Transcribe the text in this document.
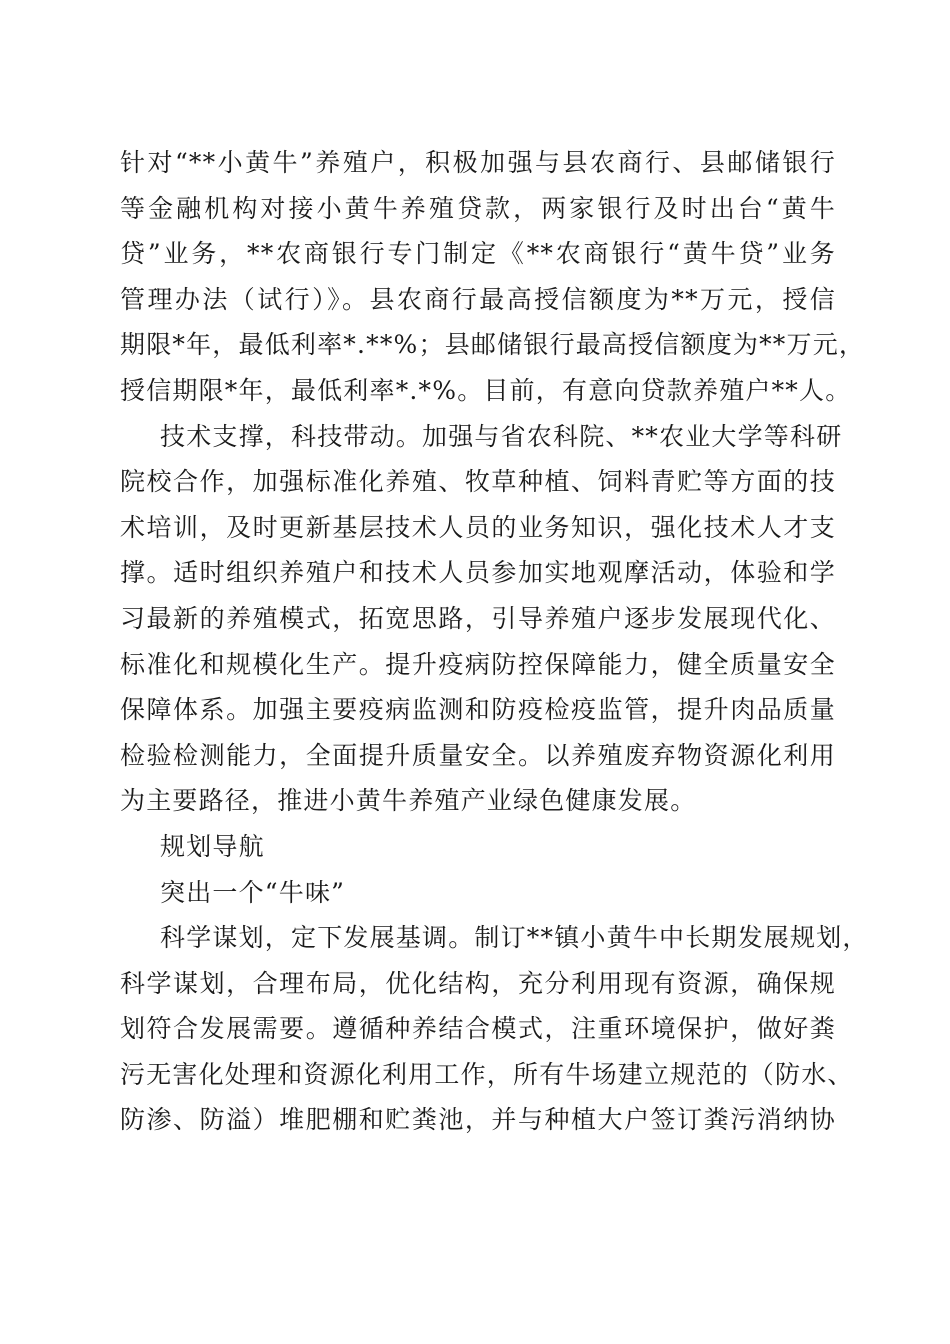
针对“**小黄牛”养殖户，积极加强与县农商行、县邮储银行
等金融机构对接小黄牛养殖贷款，两家银行及时出台“黄牛
贷”业务，**农商银行专门制定《**农商银行“黄牛贷”业务
管理办法（试行）》。县农商行最高授信额度为**万元，授信
期限*年，最低利率*.**%；县邮储银行最高授信额度为**万元，
授信期限*年，最低利率*.*%。目前，有意向贷款养殖户**人。
技术支撑，科技带动。加强与省农科院、**农业大学等科研
院校合作，加强标准化养殖、牧草种植、饲料青贮等方面的技
术培训，及时更新基层技术人员的业务知识，强化技术人才支
撑。适时组织养殖户和技术人员参加实地观摩活动，体验和学
习最新的养殖模式，拓宽思路，引导养殖户逐步发展现代化、
标准化和规模化生产。提升疫病防控保障能力，健全质量安全
保障体系。加强主要疫病监测和防疫检疫监管，提升肉品质量
检验检测能力，全面提升质量安全。以养殖废弃物资源化利用
为主要路径，推进小黄牛养殖产业绿色健康发展。
规划导航
突出一个“牛味”
科学谋划，定下发展基调。制订**镇小黄牛中长期发展规划，
科学谋划，合理布局，优化结构，充分利用现有资源，确保规
划符合发展需要。遵循种养结合模式，注重环境保护，做好粪
污无害化处理和资源化利用工作，所有牛场建立规范的（防水、
防渗、防溢）堆肥棚和贮粪池，并与种植大户签订粪污消纳协
